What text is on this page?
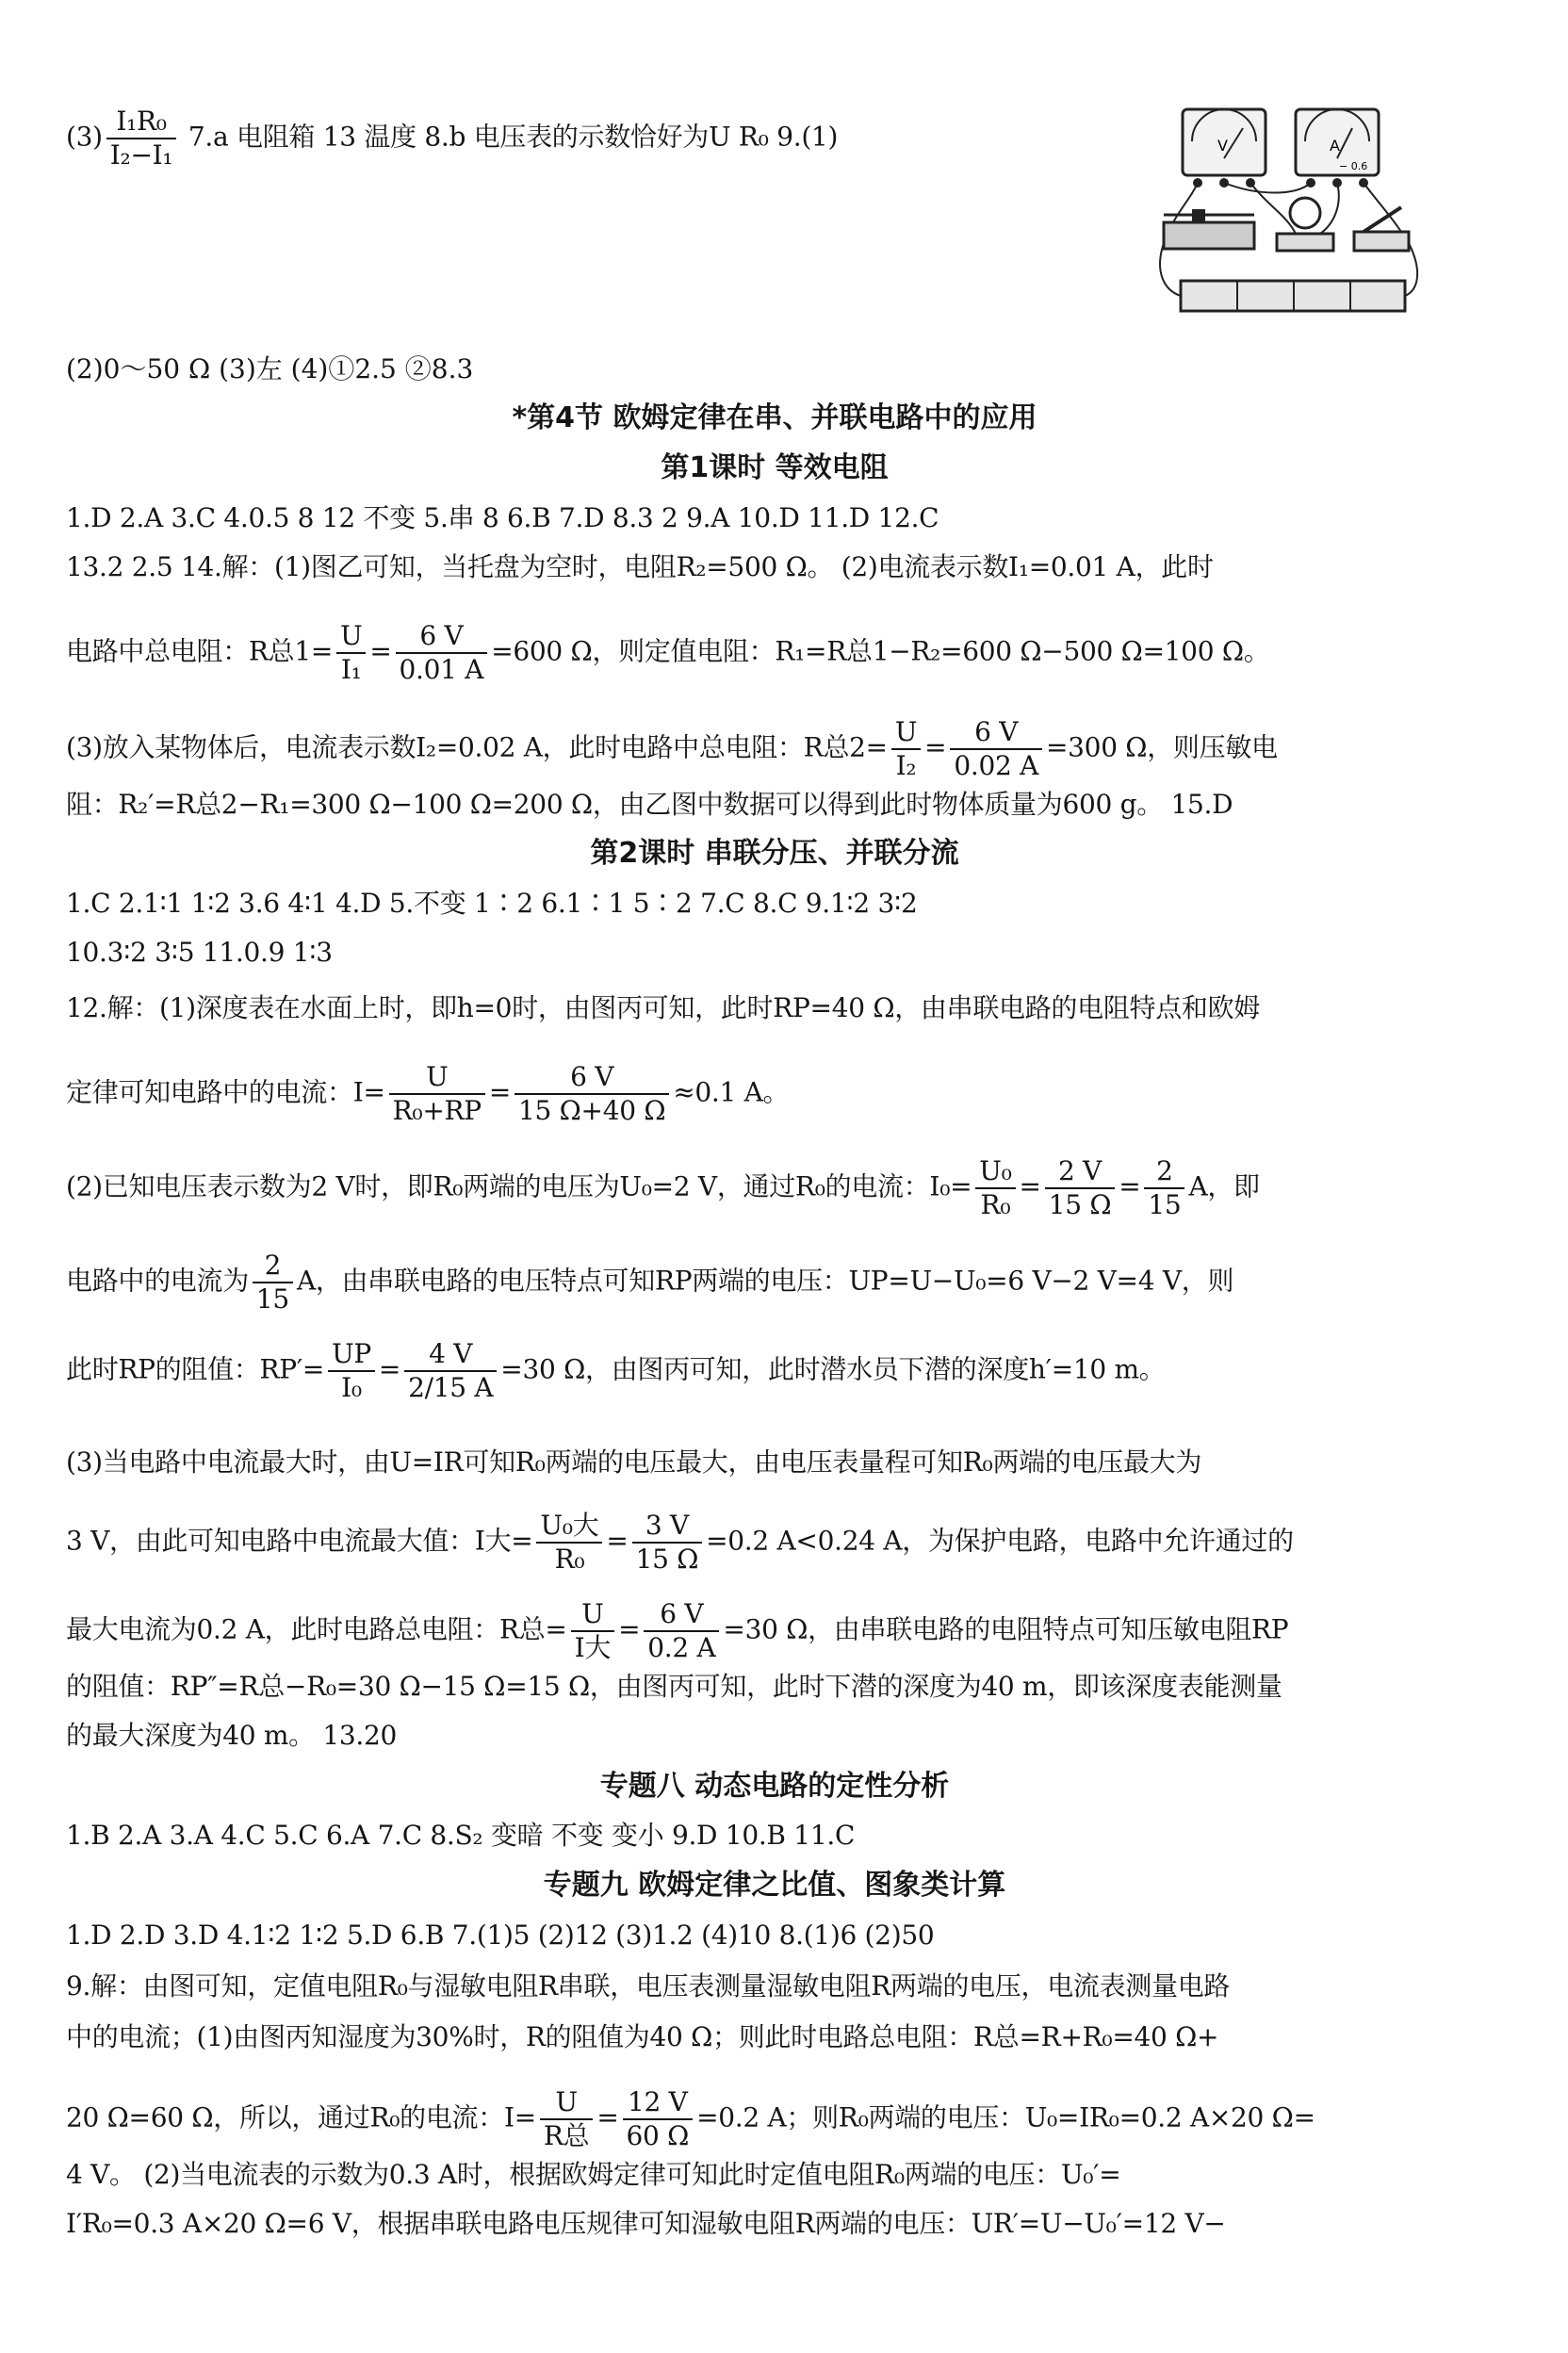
$(3) \frac{\text{I₁R₀}}{\text{I₂−I₁}} 7.a$ 电阻箱 13 温度 8.b 电压表的示数恰好为U R₀ 9.(1)	V	A
− 0.6
(2)0～50 Ω (3)左 (4)①2.5 ②8.3
*第4节 欧姆定律在串、并联电路中的应用
第1课时 等效电阻
1.D 2.A 3.C 4.0.5 8 12 不变 5.串 8 6.B 7.D 8.3 2 9.A 10.D 11.D 12.C
13.2 2.5 14.解：(1)图乙可知，当托盘为空时，电阻R₂=500 Ω。 (2)电流表示数I₁=0.01 A，此时
电路中总电阻：R总$1= \frac{U}{\text{I₁}} = \frac{6 V}{0.01 A} =600$ Ω，则定值电阻：R₁=R总1−R₂=600 Ω−500 Ω=100 Ω。
(3)放入某物体后，电流表示数I₂=0.02 A，此时电路中总电阻：R总$2= \frac{U}{\text{I₂}} = \frac{6 V}{0.02 A} =300$ Ω，则压敏电
阻：R₂′=R总2−R₁=300 Ω−100 Ω=200 Ω，由乙图中数据可以得到此时物体质量为600 g。 15.D
第2课时 串联分压、并联分流
1.C 2.1∶1 1∶2 3.6 4∶1 4.D 5.不变 1∶2 6.1∶1 5∶2 7.C 8.C 9.1∶2 3∶2
10.3∶2 3∶5 11.0.9 1∶3
12.解：(1)深度表在水面上时，即h=0时，由图丙可知，此时RP=40 Ω，由串联电路的电阻特点和欧姆
定律可知电路中的电流：$I= \frac{U}{\text{R₀+RP}} = \frac{6 V}{15 \Omega+40 \Omega} \approx 0.1$ A。
(2)已知电压表示数为2 V时，即R₀两端的电压为U₀=2 V，通过R₀的电流：$I_0= \frac{\text{U₀}}{\text{R₀}} = \frac{2 V}{15 \Omega} = \frac{2}{15}$ A，即
电路中的电流为 $\frac{2}{15}$ A，由串联电路的电压特点可知RP两端的电压：UP=U−U₀=6 V−2 V=4 V，则
此时RP的阻值：$RP'= \frac{UP}{\text{I₀}} = \frac{4 V}{2/15 A} =30$ Ω，由图丙可知，此时潜水员下潜的深度h′=10 m。
(3)当电路中电流最大时，由U=IR可知R₀两端的电压最大，由电压表量程可知R₀两端的电压最大为
3 V，由此可知电路中电流最大值：I大= $\frac{\text{U₀大}}{\text{R₀}} = \frac{3 V}{15 \Omega} =0.2$ A<0.24 A，为保护电路，电路中允许通过的
最大电流为0.2 A，此时电路总电阻：R总= $\frac{U}{\text{I大}} = \frac{6 V}{0.2 A} =30$ Ω，由串联电路的电阻特点可知压敏电阻RP
的阻值：RP″=R总−R₀=30 Ω−15 Ω=15 Ω，由图丙可知，此时下潜的深度为40 m，即该深度表能测量
的最大深度为40 m。 13.20
专题八 动态电路的定性分析
1.B 2.A 3.A 4.C 5.C 6.A 7.C 8.S₂ 变暗 不变 变小 9.D 10.B 11.C
专题九 欧姆定律之比值、图象类计算
1.D 2.D 3.D 4.1∶2 1∶2 5.D 6.B 7.(1)5 (2)12 (3)1.2 (4)10 8.(1)6 (2)50
9.解：由图可知，定值电阻R₀与湿敏电阻R串联，电压表测量湿敏电阻R两端的电压，电流表测量电路
中的电流；(1)由图丙知湿度为30%时，R的阻值为40 Ω；则此时电路总电阻：R总=R+R₀=40 Ω+
20 Ω=60 Ω，所以，通过R₀的电流：$I= \frac{U}{\text{R总}} = \frac{12 V}{60 \Omega} =0.2$ A；则R₀两端的电压：U₀=IR₀=0.2 A×20 Ω=
4 V。 (2)当电流表的示数为0.3 A时，根据欧姆定律可知此时定值电阻R₀两端的电压：U₀′=
I′R₀=0.3 A×20 Ω=6 V，根据串联电路电压规律可知湿敏电阻R两端的电压：UR′=U−U₀′=12 V−
